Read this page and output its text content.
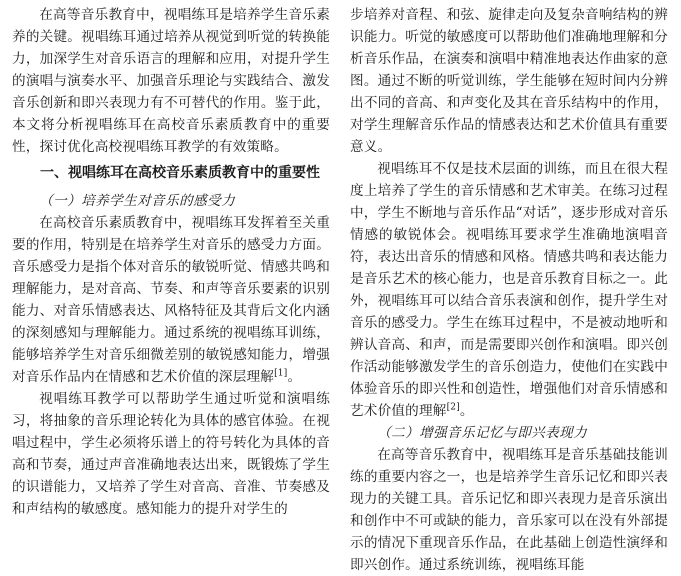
在高等音乐教育中，视唱练耳是培养学生音乐素养的关键。视唱练耳通过培养从视觉到听觉的转换能力，加深学生对音乐语言的理解和应用，对提升学生的演唱与演奏水平、加强音乐理论与实践结合、激发音乐创新和即兴表现力有不可替代的作用。鉴于此，本文将分析视唱练耳在高校音乐素质教育中的重要性，探讨优化高校视唱练耳教学的有效策略。

一、视唱练耳在高校音乐素质教育中的重要性
（一）培养学生对音乐的感受力

在高校音乐素质教育中，视唱练耳发挥着至关重要的作用，特别是在培养学生对音乐的感受力方面。音乐感受力是指个体对音乐的敏锐听觉、情感共鸣和理解能力，是对音高、节奏、和声等音乐要素的识别能力、对音乐情感表达、风格特征及其背后文化内涵的深刻感知与理解能力。通过系统的视唱练耳训练，能够培养学生对音乐细微差别的敏锐感知能力，增强对音乐作品内在情感和艺术价值的深层理解[1]。

视唱练耳教学可以帮助学生通过听觉和演唱练习，将抽象的音乐理论转化为具体的感官体验。在视唱过程中，学生必须将乐谱上的符号转化为具体的音高和节奏，通过声音准确地表达出来，既锻炼了学生的识谱能力，又培养了学生对音高、音准、节奏感及和声结构的敏感度。感知能力的提升对学生的

步培养对音程、和弦、旋律走向及复杂音响结构的辨识能力。听觉的敏感度可以帮助他们准确地理解和分析音乐作品，在演奏和演唱中精准地表达作曲家的意图。通过不断的听觉训练，学生能够在短时间内分辨出不同的音高、和声变化及其在音乐结构中的作用，对学生理解音乐作品的情感表达和艺术价值具有重要意义。

视唱练耳不仅是技术层面的训练，而且在很大程度上培养了学生的音乐情感和艺术审美。在练习过程中，学生不断地与音乐作品“对话”，逐步形成对音乐情感的敏锐体会。视唱练耳要求学生准确地演唱音符，表达出音乐的情感和风格。情感共鸣和表达能力是音乐艺术的核心能力，也是音乐教育目标之一。此外，视唱练耳可以结合音乐表演和创作，提升学生对音乐的感受力。学生在练耳过程中，不是被动地听和辨认音高、和声，而是需要即兴创作和演唱。即兴创作活动能够激发学生的音乐创造力，使他们在实践中体验音乐的即兴性和创造性，增强他们对音乐情感和艺术价值的理解[2]。

（二）增强音乐记忆与即兴表现力

在高等音乐教育中，视唱练耳是音乐基础技能训练的重要内容之一，也是培养学生音乐记忆和即兴表现力的关键工具。音乐记忆和即兴表现力是音乐演出和创作中不可或缺的能力，音乐家可以在没有外部提示的情况下重现音乐作品，在此基础上创造性演绎和即兴创作。通过系统训练，视唱练耳能
